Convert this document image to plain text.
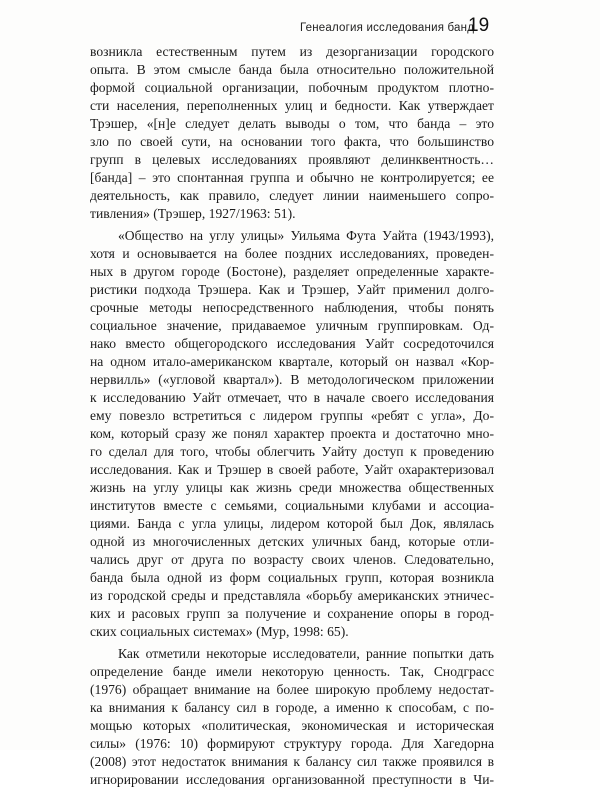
Генеалогия исследования банд
19
возникла естественным путем из дезорганизации городского
опыта. В этом смысле банда была относительно положительной
формой социальной организации, побочным продуктом плотно-
сти населения, переполненных улиц и бедности. Как утверждает
Трэшер, «[н]е следует делать выводы о том, что банда – это
зло по своей сути, на основании того факта, что большинство
групп в целевых исследованиях проявляют делинквентность…
[банда] – это спонтанная группа и обычно не контролируется; ее
деятельность, как правило, следует линии наименьшего сопро-
тивления» (Трэшер, 1927/1963: 51).
«Общество на углу улицы» Уильяма Фута Уайта (1943/1993),
хотя и основывается на более поздних исследованиях, проведен-
ных в другом городе (Бостоне), разделяет определенные характе-
ристики подхода Трэшера. Как и Трэшер, Уайт применил долго-
срочные методы непосредственного наблюдения, чтобы понять
социальное значение, придаваемое уличным группировкам. Од-
нако вместо общегородского исследования Уайт сосредоточился
на одном итало-американском квартале, который он назвал «Кор-
нервилль» («угловой квартал»). В методологическом приложении
к исследованию Уайт отмечает, что в начале своего исследования
ему повезло встретиться с лидером группы «ребят с угла», До-
ком, который сразу же понял характер проекта и достаточно мно-
го сделал для того, чтобы облегчить Уайту доступ к проведению
исследования. Как и Трэшер в своей работе, Уайт охарактеризовал
жизнь на углу улицы как жизнь среди множества общественных
институтов вместе с семьями, социальными клубами и ассоциа-
циями. Банда с угла улицы, лидером которой был Док, являлась
одной из многочисленных детских уличных банд, которые отли-
чались друг от друга по возрасту своих членов. Следовательно,
банда была одной из форм социальных групп, которая возникла
из городской среды и представляла «борьбу американских этничес-
ких и расовых групп за получение и сохранение опоры в город-
ских социальных системах» (Мур, 1998: 65).
Как отметили некоторые исследователи, ранние попытки дать
определение банде имели некоторую ценность. Так, Снодграсс
(1976) обращает внимание на более широкую проблему недостат-
ка внимания к балансу сил в городе, а именно к способам, с по-
мощью которых «политическая, экономическая и историческая
силы» (1976: 10) формируют структуру города. Для Хагедорна
(2008) этот недостаток внимания к балансу сил также проявился в
игнорировании исследования организованной преступности в Чи-
